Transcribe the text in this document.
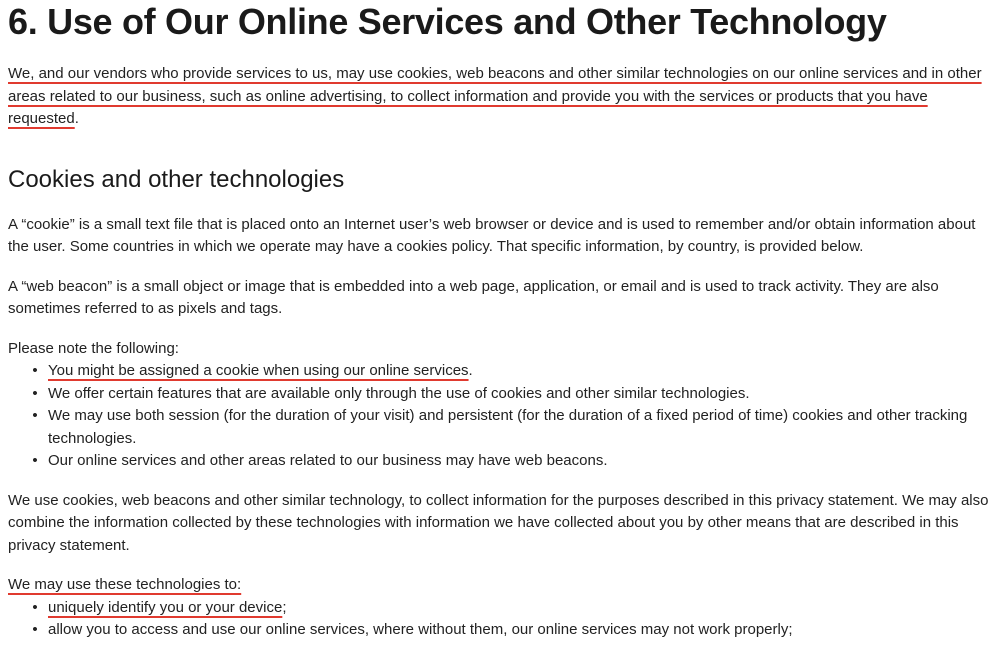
6. Use of Our Online Services and Other Technology

We, and our vendors who provide services to us, may use cookies, web beacons and other similar technologies on our online services and in other areas related to our business, such as online advertising, to collect information and provide you with the services or products that you have requested.

Cookies and other technologies

A “cookie” is a small text file that is placed onto an Internet user’s web browser or device and is used to remember and/or obtain information about the user. Some countries in which we operate may have a cookies policy. That specific information, by country, is provided below.

A “web beacon” is a small object or image that is embedded into a web page, application, or email and is used to track activity. They are also sometimes referred to as pixels and tags.

Please note the following:

• You might be assigned a cookie when using our online services.
• We offer certain features that are available only through the use of cookies and other similar technologies.
• We may use both session (for the duration of your visit) and persistent (for the duration of a fixed period of time) cookies and other tracking technologies.
• Our online services and other areas related to our business may have web beacons.

We use cookies, web beacons and other similar technology, to collect information for the purposes described in this privacy statement. We may also combine the information collected by these technologies with information we have collected about you by other means that are described in this privacy statement.

We may use these technologies to:

• uniquely identify you or your device;
• allow you to access and use our online services, where without them, our online services may not work properly;
